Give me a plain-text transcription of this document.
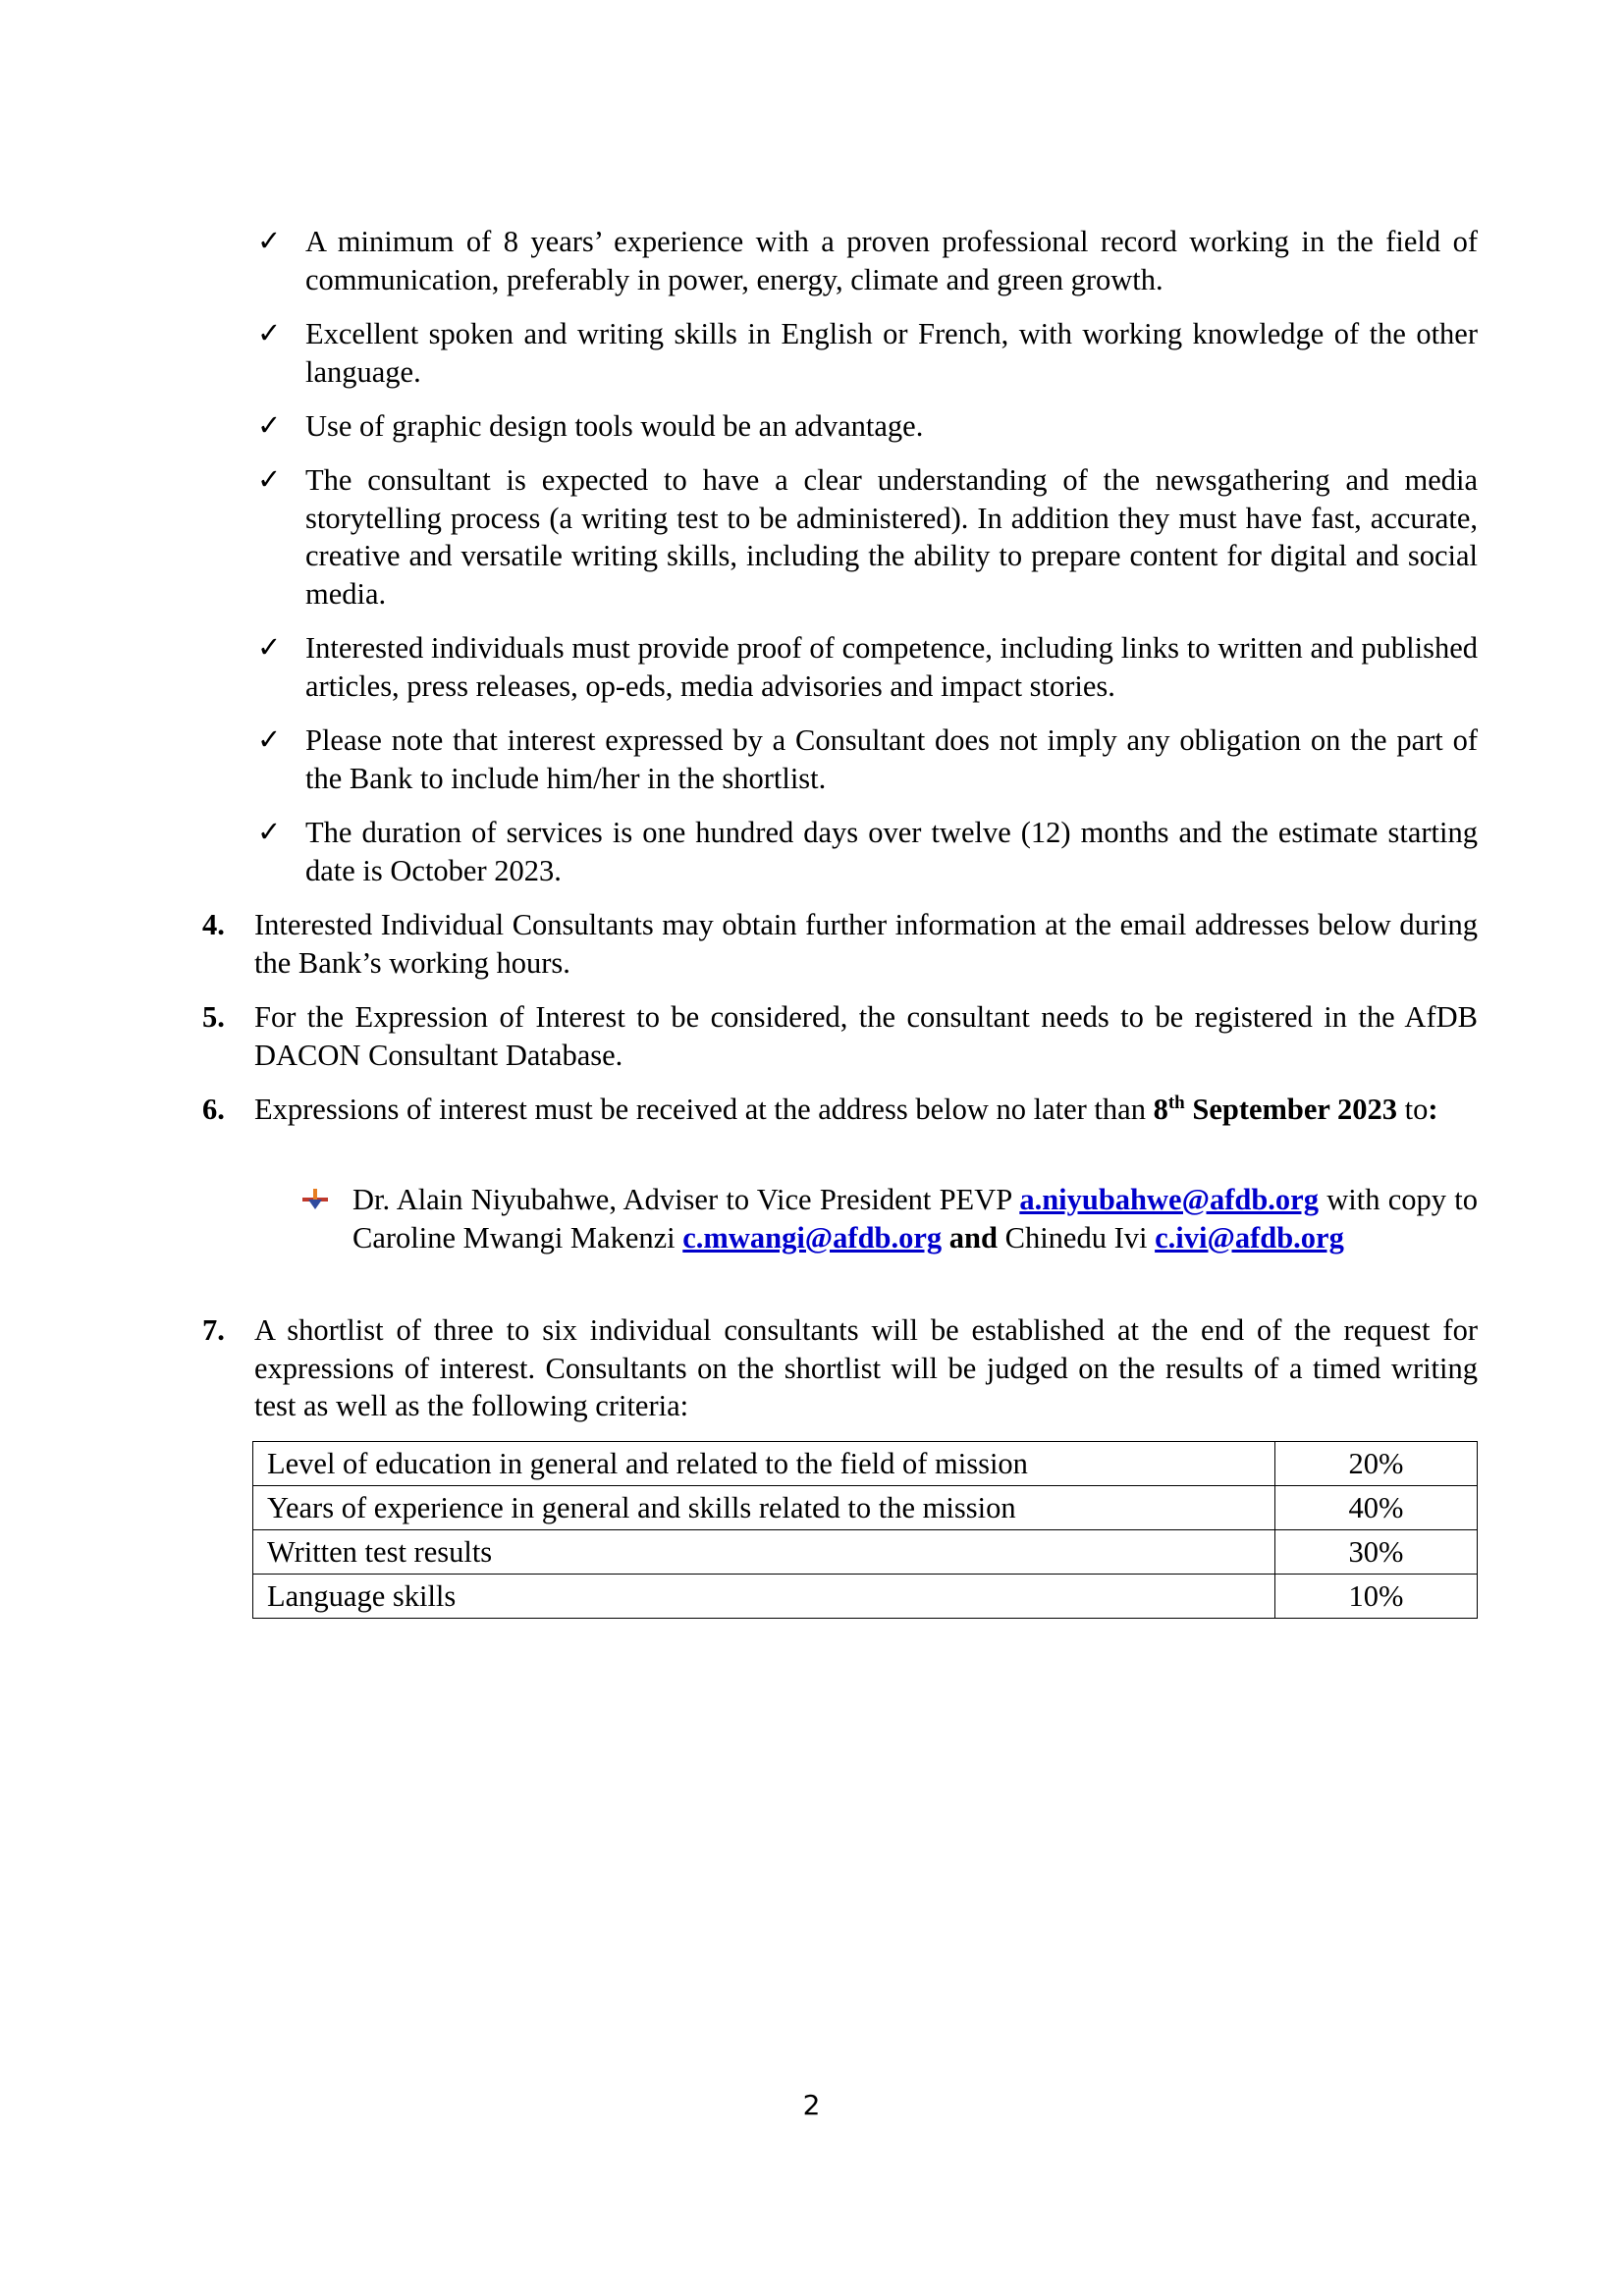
✓ A minimum of 8 years’ experience with a proven professional record working in the field of communication, preferably in power, energy, climate and green growth.
✓ Excellent spoken and writing skills in English or French, with working knowledge of the other language.
✓ Use of graphic design tools would be an advantage.
✓ The consultant is expected to have a clear understanding of the newsgathering and media storytelling process (a writing test to be administered). In addition they must have fast, accurate, creative and versatile writing skills, including the ability to prepare content for digital and social media.
✓ Interested individuals must provide proof of competence, including links to written and published articles, press releases, op-eds, media advisories and impact stories.
✓ Please note that interest expressed by a Consultant does not imply any obligation on the part of the Bank to include him/her in the shortlist.
✓ The duration of services is one hundred days over twelve (12) months and the estimate starting date is October 2023.
4. Interested Individual Consultants may obtain further information at the email addresses below during the Bank’s working hours.
5. For the Expression of Interest to be considered, the consultant needs to be registered in the AfDB DACON Consultant Database.
6. Expressions of interest must be received at the address below no later than 8th September 2023 to:
Dr. Alain Niyubahwe, Adviser to Vice President PEVP a.niyubahwe@afdb.org with copy to Caroline Mwangi Makenzi c.mwangi@afdb.org and Chinedu Ivi c.ivi@afdb.org
7. A shortlist of three to six individual consultants will be established at the end of the request for expressions of interest. Consultants on the shortlist will be judged on the results of a timed writing test as well as the following criteria:
Level of education in general and related to the field of mission	20%
Years of experience in general and skills related to the mission	40%
Written test results	30%
Language skills	10%
2
